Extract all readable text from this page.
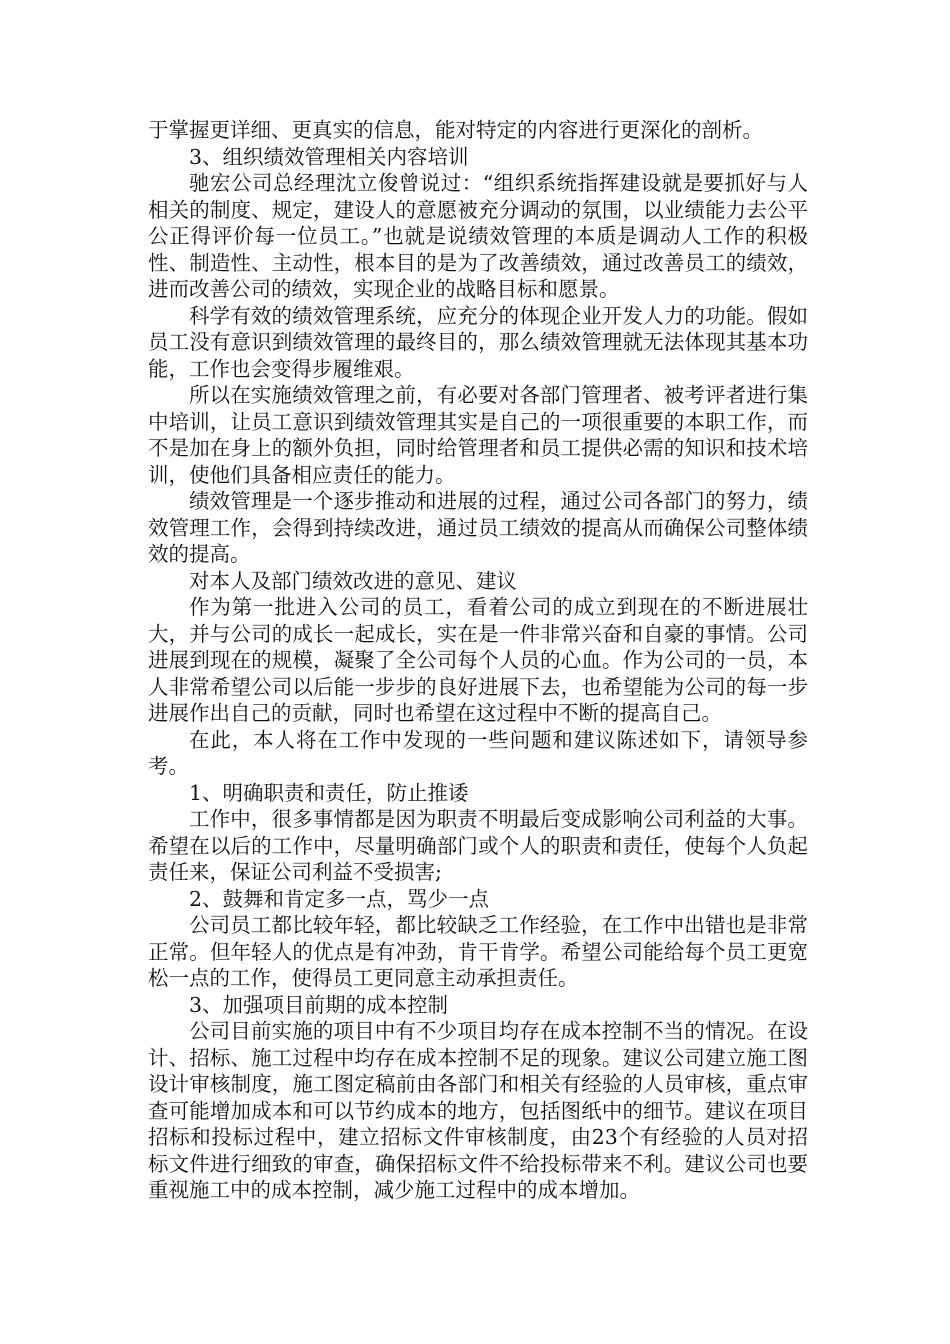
于掌握更详细、更真实的信息，能对特定的内容进行更深化的剖析。

3、组织绩效管理相关内容培训

驰宏公司总经理沈立俊曾说过：“组织系统指挥建设就是要抓好与人相关的制度、规定，建设人的意愿被充分调动的氛围，以业绩能力去公平公正得评价每一位员工。”也就是说绩效管理的本质是调动人工作的积极性、制造性、主动性，根本目的是为了改善绩效，通过改善员工的绩效，进而改善公司的绩效，实现企业的战略目标和愿景。

科学有效的绩效管理系统，应充分的体现企业开发人力的功能。假如员工没有意识到绩效管理的最终目的，那么绩效管理就无法体现其基本功能，工作也会变得步履维艰。

所以在实施绩效管理之前，有必要对各部门管理者、被考评者进行集中培训，让员工意识到绩效管理其实是自己的一项很重要的本职工作，而不是加在身上的额外负担，同时给管理者和员工提供必需的知识和技术培训，使他们具备相应责任的能力。

绩效管理是一个逐步推动和进展的过程，通过公司各部门的努力，绩效管理工作，会得到持续改进，通过员工绩效的提高从而确保公司整体绩效的提高。

对本人及部门绩效改进的意见、建议

作为第一批进入公司的员工，看着公司的成立到现在的不断进展壮大，并与公司的成长一起成长，实在是一件非常兴奋和自豪的事情。公司进展到现在的规模，凝聚了全公司每个人员的心血。作为公司的一员，本人非常希望公司以后能一步步的良好进展下去，也希望能为公司的每一步进展作出自己的贡献，同时也希望在这过程中不断的提高自己。

在此，本人将在工作中发现的一些问题和建议陈述如下，请领导参考。

1、明确职责和责任，防止推诿

工作中，很多事情都是因为职责不明最后变成影响公司利益的大事。希望在以后的工作中，尽量明确部门或个人的职责和责任，使每个人负起责任来，保证公司利益不受损害;

2、鼓舞和肯定多一点，骂少一点

公司员工都比较年轻，都比较缺乏工作经验，在工作中出错也是非常正常。但年轻人的优点是有冲劲，肯干肯学。希望公司能给每个员工更宽松一点的工作，使得员工更同意主动承担责任。

3、加强项目前期的成本控制

公司目前实施的项目中有不少项目均存在成本控制不当的情况。在设计、招标、施工过程中均存在成本控制不足的现象。建议公司建立施工图设计审核制度，施工图定稿前由各部门和相关有经验的人员审核，重点审查可能增加成本和可以节约成本的地方，包括图纸中的细节。建议在项目招标和投标过程中，建立招标文件审核制度，由23个有经验的人员对招标文件进行细致的审查，确保招标文件不给投标带来不利。建议公司也要重视施工中的成本控制，减少施工过程中的成本增加。
